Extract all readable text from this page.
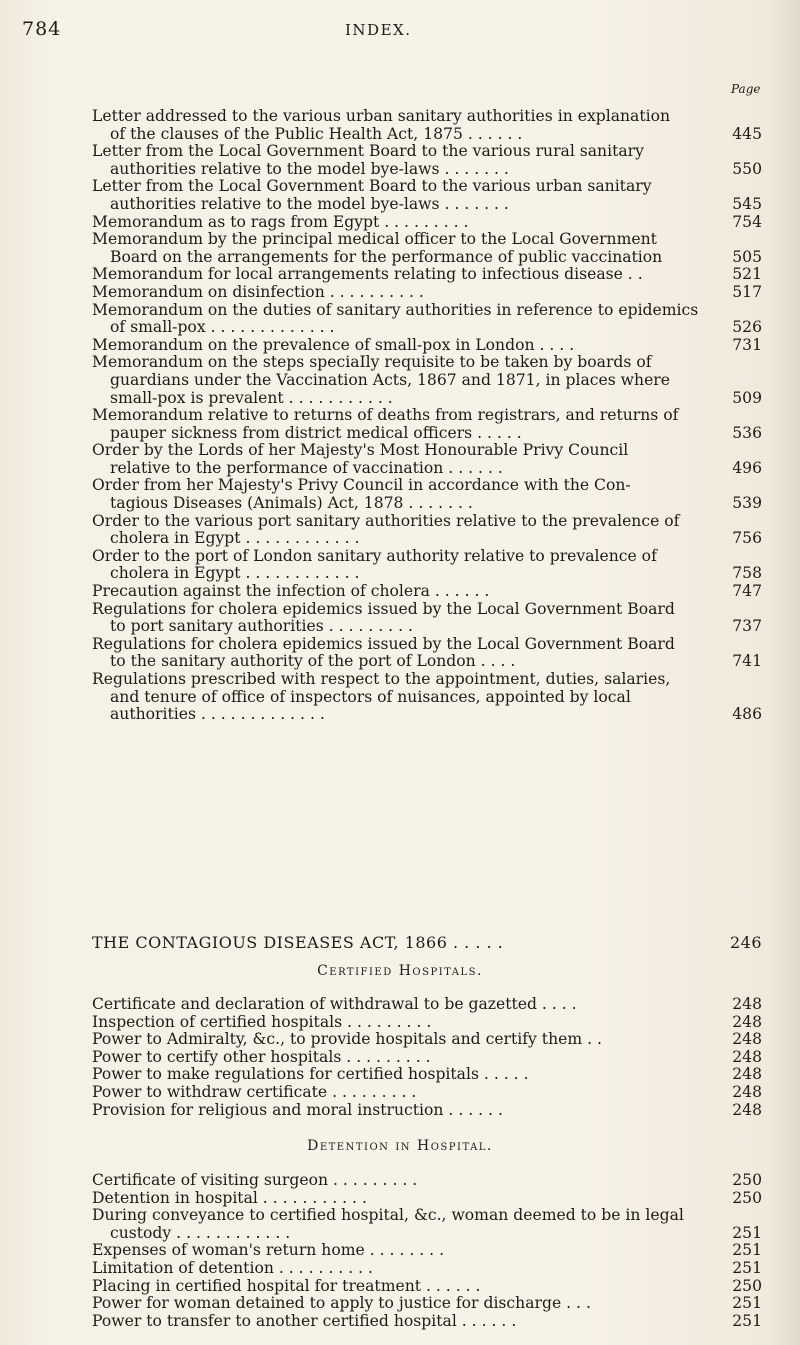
784	INDEX.
Page
Letter addressed to the various urban sanitary authorities in explanation
of the clauses of the Public Health Act, 1875 . . . . . .	445
Letter from the Local Government Board to the various rural sanitary
authorities relative to the model bye-laws . . . . . . .	550
Letter from the Local Government Board to the various urban sanitary
authorities relative to the model bye-laws . . . . . . .	545
Memorandum as to rags from Egypt . . . . . . . . .	754
Memorandum by the principal medical officer to the Local Government
Board on the arrangements for the performance of public vaccination	505
Memorandum for local arrangements relating to infectious disease . .	521
Memorandum on disinfection . . . . . . . . . .	517
Memorandum on the duties of sanitary authorities in reference to epidemics
of small-pox . . . . . . . . . . . . .	526
Memorandum on the prevalence of small-pox in London . . . .	731
Memorandum on the steps speciaIly requisite to be taken by boards of
guardians under the Vaccination Acts, 1867 and 1871, in places where
small-pox is prevalent . . . . . . . . . . .	509
Memorandum relative to returns of deaths from registrars, and returns of
pauper sickness from district medical officers . . . . .	536
Order by the Lords of her Majesty's Most Honourable Privy Council
relative to the performance of vaccination . . . . . .	496
Order from her Majesty's Privy Council in accordance with the Con-
tagious Diseases (Animals) Act, 1878 . . . . . . .	539
Order to the various port sanitary authorities relative to the prevalence of
cholera in Egypt . . . . . . . . . . . .	756
Order to the port of London sanitary authority relative to prevalence of
cholera in Egypt . . . . . . . . . . . .	758
Precaution against the infection of cholera . . . . . .	747
Regulations for cholera epidemics issued by the Local Government Board
to port sanitary authorities . . . . . . . . .	737
Regulations for cholera epidemics issued by the Local Government Board
to the sanitary authority of the port of London . . . .	741
Regulations prescribed with respect to the appointment, duties, salaries,
and tenure of office of inspectors of nuisances, appointed by local
authorities . . . . . . . . . . . . .	486
THE CONTAGIOUS DISEASES ACT, 1866 . . . . .	246
Certified Hospitals.
Certificate and declaration of withdrawal to be gazetted . . . .	248
Inspection of certified hospitals . . . . . . . . .	248
Power to Admiralty, &c., to provide hospitals and certify them . .	248
Power to certify other hospitals . . . . . . . . .	248
Power to make regulations for certified hospitals . . . . .	248
Power to withdraw certificate . . . . . . . . .	248
Provision for religious and moral instruction . . . . . .	248
Detention in Hospital.
Certificate of visiting surgeon . . . . . . . . .	250
Detention in hospital . . . . . . . . . . .	250
During conveyance to certified hospital, &c., woman deemed to be in legal
custody . . . . . . . . . . . .	251
Expenses of woman's return home . . . . . . . .	251
Limitation of detention . . . . . . . . . .	251
Placing in certified hospital for treatment . . . . . .	250
Power for woman detained to apply to justice for discharge . . .	251
Power to transfer to another certified hospital . . . . . .	251
